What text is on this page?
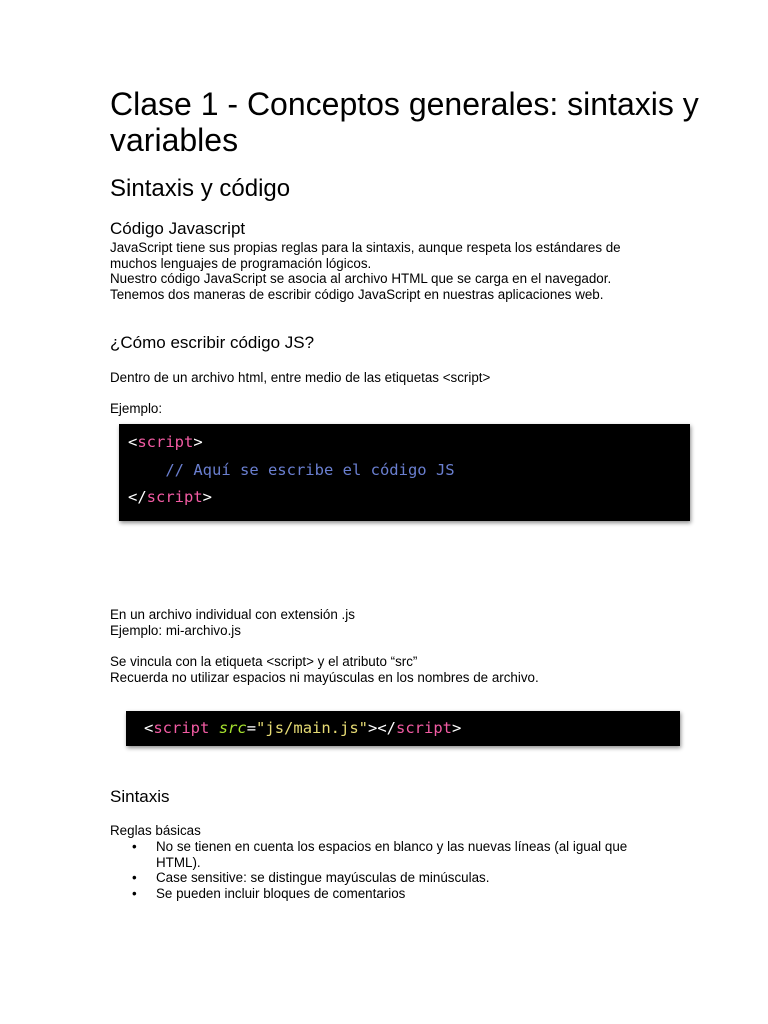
Clase 1 - Conceptos generales: sintaxis y variables
Sintaxis y código
Código Javascript
JavaScript tiene sus propias reglas para la sintaxis, aunque respeta los estándares de
muchos lenguajes de programación lógicos.
Nuestro código JavaScript se asocia al archivo HTML que se carga en el navegador.
Tenemos dos maneras de escribir código JavaScript en nuestras aplicaciones web.
¿Cómo escribir código JS?

Dentro de un archivo html, entre medio de las etiquetas <script>

Ejemplo:

<script>
// Aquí se escribe el código JS
</script>
En un archivo individual con extensión .js
Ejemplo: mi-archivo.js
Se vincula con la etiqueta <script> y el atributo “src”
Recuerda no utilizar espacios ni mayúsculas en los nombres de archivo.
<script src="js/main.js"></script>
Sintaxis

Reglas básicas

• No se tienen en cuenta los espacios en blanco y las nuevas líneas (al igual que HTML).
• Case sensitive: se distingue mayúsculas de minúsculas.
• Se pueden incluir bloques de comentarios
